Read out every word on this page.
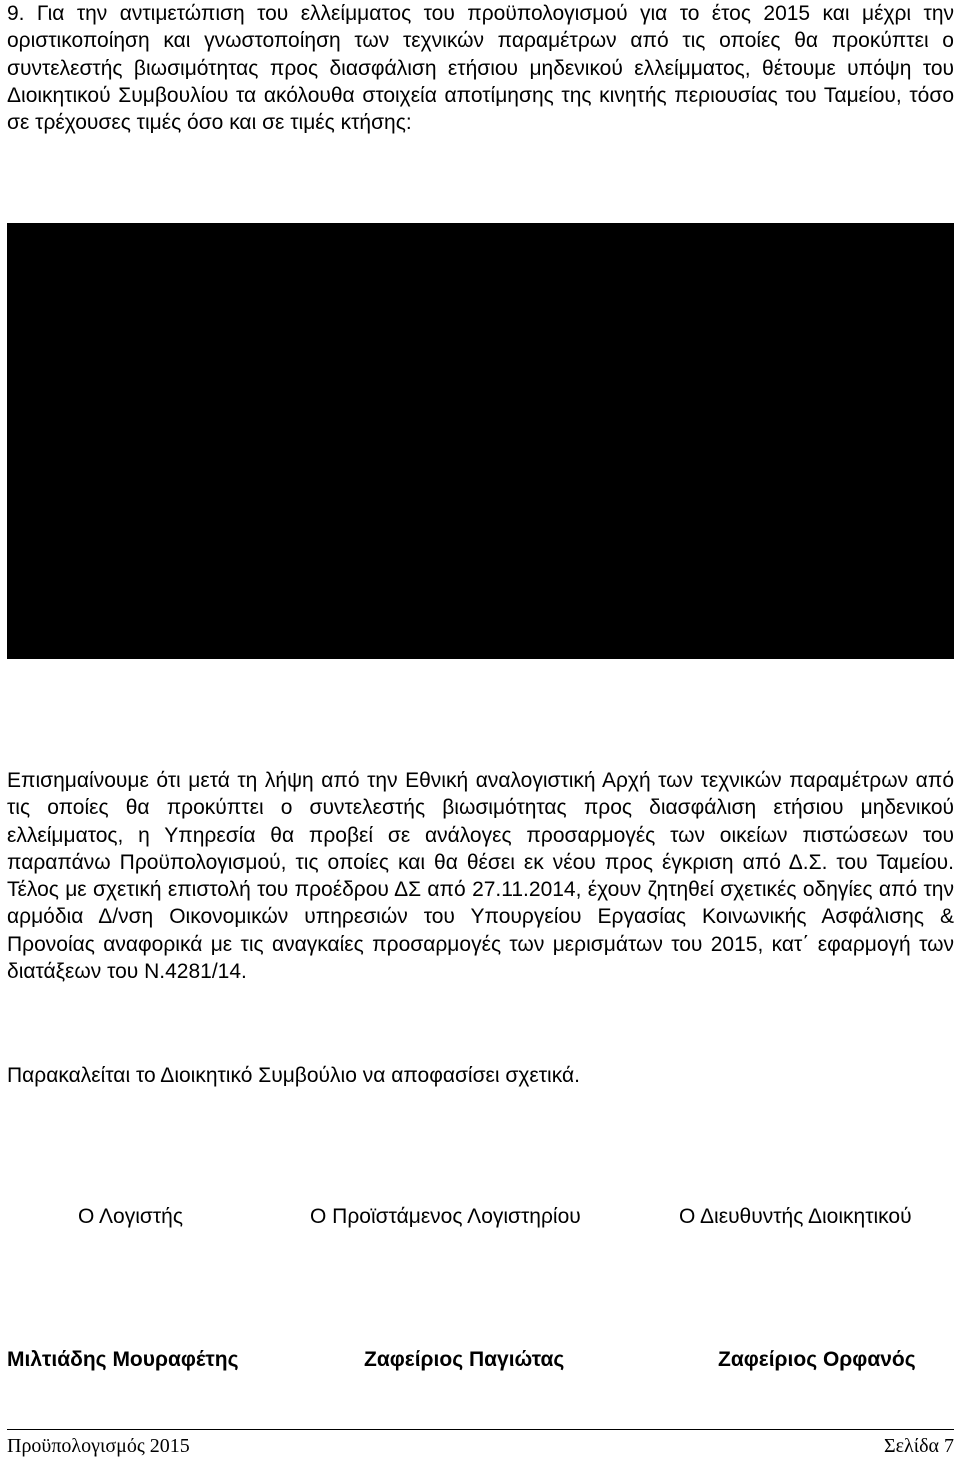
9. Για την αντιμετώπιση του ελλείμματος του προϋπολογισμού για το έτος 2015 και μέχρι την οριστικοποίηση και γνωστοποίηση των τεχνικών παραμέτρων από τις οποίες θα προκύπτει ο συντελεστής βιωσιμότητας προς διασφάλιση ετήσιου μηδενικού ελλείμματος, θέτουμε υπόψη του Διοικητικού Συμβουλίου τα ακόλουθα στοιχεία αποτίμησης της κινητής περιουσίας του Ταμείου, τόσο σε τρέχουσες τιμές όσο και σε τιμές κτήσης:

Επισημαίνουμε ότι μετά τη λήψη από την Εθνική αναλογιστική Αρχή των τεχνικών παραμέτρων από τις οποίες θα προκύπτει ο συντελεστής βιωσιμότητας προς διασφάλιση ετήσιου μηδενικού ελλείμματος, η Υπηρεσία θα προβεί σε ανάλογες προσαρμογές των οικείων πιστώσεων του παραπάνω Προϋπολογισμού, τις οποίες και θα θέσει εκ νέου προς έγκριση από Δ.Σ. του Ταμείου. Τέλος με σχετική επιστολή του προέδρου ΔΣ από 27.11.2014, έχουν ζητηθεί σχετικές οδηγίες από την αρμόδια Δ/νση Οικονομικών υπηρεσιών του Υπουργείου Εργασίας Κοινωνικής Ασφάλισης & Προνοίας αναφορικά με τις αναγκαίες προσαρμογές των μερισμάτων του 2015, κατ΄ εφαρμογή των διατάξεων του Ν.4281/14.

Παρακαλείται το Διοικητικό Συμβούλιο να αποφασίσει σχετικά.

Ο Λογιστής	Ο Προϊστάμενος Λογιστηρίου	Ο Διευθυντής Διοικητικού
Μιλτιάδης Μουραφέτης	Ζαφείριος Παγιώτας	Ζαφείριος Ορφανός
Προϋπολογισμός 2015	Σελίδα 7
